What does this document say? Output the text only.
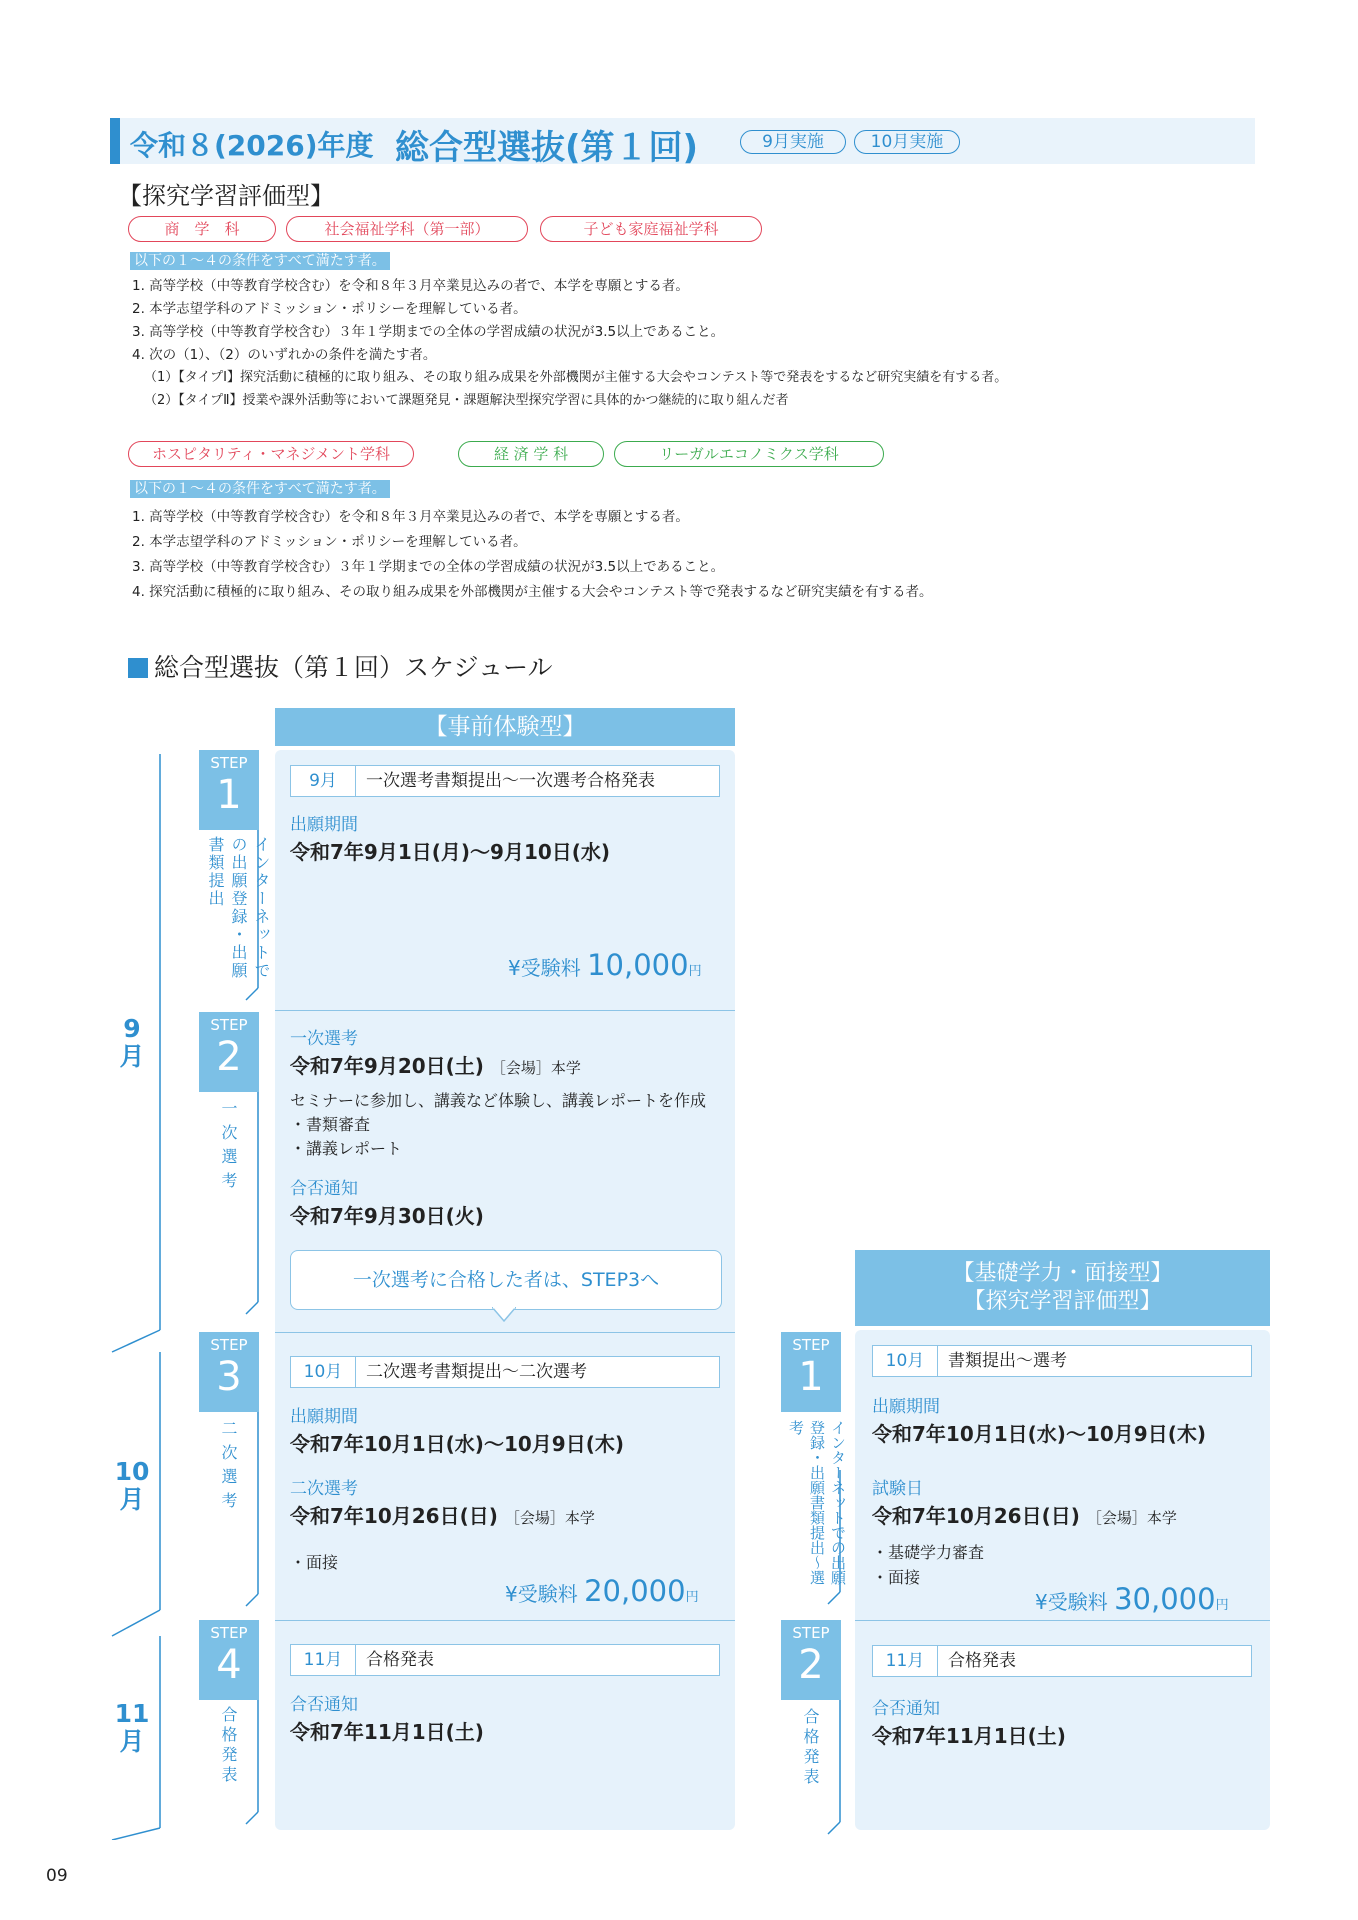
令和８(2026)年度 総合型選抜(第１回)	9月実施	10月実施
【探究学習評価型】
商　学　科	社会福祉学科（第一部）	子ども家庭福祉学科
以下の１～４の条件をすべて満たす者。
1. 高等学校（中等教育学校含む）を令和８年３月卒業見込みの者で、本学を専願とする者。
2. 本学志望学科のアドミッション・ポリシーを理解している者。
3. 高等学校（中等教育学校含む）３年１学期までの全体の学習成績の状況が3.5以上であること。
4. 次の（1）、（2）のいずれかの条件を満たす者。
（1）【タイプⅠ】探究活動に積極的に取り組み、その取り組み成果を外部機関が主催する大会やコンテスト等で発表をするなど研究実績を有する者。
（2）【タイプⅡ】授業や課外活動等において課題発見・課題解決型探究学習に具体的かつ継続的に取り組んだ者
ホスピタリティ・マネジメント学科	経 済 学 科	リーガルエコノミクス学科
以下の１～４の条件をすべて満たす者。
1. 高等学校（中等教育学校含む）を令和８年３月卒業見込みの者で、本学を専願とする者。
2. 本学志望学科のアドミッション・ポリシーを理解している者。
3. 高等学校（中等教育学校含む）３年１学期までの全体の学習成績の状況が3.5以上であること。
4. 探究活動に積極的に取り組み、その取り組み成果を外部機関が主催する大会やコンテスト等で発表するなど研究実績を有する者。
総合型選抜（第１回）スケジュール
9月
10月
11月
【事前体験型】
STEP
1
インターネットでの出願登録・出願書類提出
9月 一次選考書類提出～一次選考合格発表
出願期間
令和7年9月1日(月)～9月10日(水)
¥受験料 10,000円
STEP
2
一次選考
一次選考
令和7年9月20日(土) ［会場］本学
セミナーに参加し、講義など体験し、講義レポートを作成
・書類審査
・講義レポート
合否通知
令和7年9月30日(火)
一次選考に合格した者は、STEP3へ
STEP
3
二次選考
10月 二次選考書類提出～二次選考
出願期間
令和7年10月1日(水)～10月9日(木)
二次選考
令和7年10月26日(日) ［会場］本学
・面接
¥受験料 20,000円
STEP
4
合格発表
11月 合格発表
合否通知
令和7年11月1日(土)
【基礎学力・面接型】
【探究学習評価型】
STEP
1
インターネットでの出願登録・出願書類提出～選考
10月 書類提出～選考
出願期間
令和7年10月1日(水)～10月9日(木)
試験日
令和7年10月26日(日) ［会場］本学
・基礎学力審査
・面接
¥受験料 30,000円
STEP
2
合格発表
11月 合格発表
合否通知
令和7年11月1日(土)
09
